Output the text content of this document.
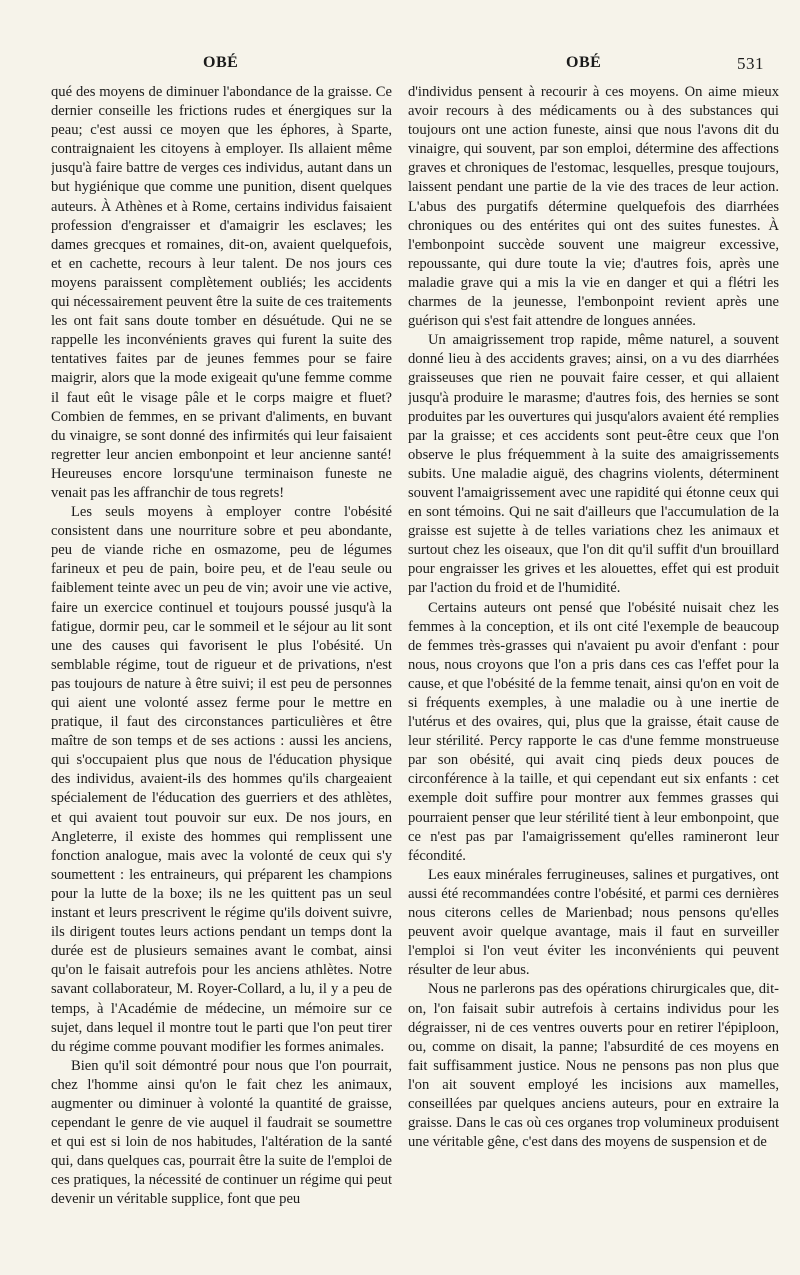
OBÉ	OBÉ	531

qué des moyens de diminuer l'abondance de la graisse. Ce dernier conseille les frictions rudes et énergiques sur la peau; c'est aussi ce moyen que les éphores, à Sparte, contraignaient les citoyens à employer. Ils allaient même jusqu'à faire battre de verges ces individus, autant dans un but hygiénique que comme une punition, disent quelques auteurs. À Athènes et à Rome, certains individus faisaient profession d'engraisser et d'amaigrir les esclaves; les dames grecques et romaines, dit-on, avaient quelquefois, et en cachette, recours à leur talent. De nos jours ces moyens paraissent complètement oubliés; les accidents qui nécessairement peuvent être la suite de ces traitements les ont fait sans doute tomber en désuétude. Qui ne se rappelle les inconvénients graves qui furent la suite des tentatives faites par de jeunes femmes pour se faire maigrir, alors que la mode exigeait qu'une femme comme il faut eût le visage pâle et le corps maigre et fluet? Combien de femmes, en se privant d'aliments, en buvant du vinaigre, se sont donné des infirmités qui leur faisaient regretter leur ancien embonpoint et leur ancienne santé! Heureuses encore lorsqu'une terminaison funeste ne venait pas les affranchir de tous regrets!

Les seuls moyens à employer contre l'obésité consistent dans une nourriture sobre et peu abondante, peu de viande riche en osmazome, peu de légumes farineux et peu de pain, boire peu, et de l'eau seule ou faiblement teinte avec un peu de vin; avoir une vie active, faire un exercice continuel et toujours poussé jusqu'à la fatigue, dormir peu, car le sommeil et le séjour au lit sont une des causes qui favorisent le plus l'obésité. Un semblable régime, tout de rigueur et de privations, n'est pas toujours de nature à être suivi; il est peu de personnes qui aient une volonté assez ferme pour le mettre en pratique, il faut des circonstances particulières et être maître de son temps et de ses actions : aussi les anciens, qui s'occupaient plus que nous de l'éducation physique des individus, avaient-ils des hommes qu'ils chargeaient spécialement de l'éducation des guerriers et des athlètes, et qui avaient tout pouvoir sur eux. De nos jours, en Angleterre, il existe des hommes qui remplissent une fonction analogue, mais avec la volonté de ceux qui s'y soumettent : les entraineurs, qui préparent les champions pour la lutte de la boxe; ils ne les quittent pas un seul instant et leurs prescrivent le régime qu'ils doivent suivre, ils dirigent toutes leurs actions pendant un temps dont la durée est de plusieurs semaines avant le combat, ainsi qu'on le faisait autrefois pour les anciens athlètes. Notre savant collaborateur, M. Royer-Collard, a lu, il y a peu de temps, à l'Académie de médecine, un mémoire sur ce sujet, dans lequel il montre tout le parti que l'on peut tirer du régime comme pouvant modifier les formes animales.

Bien qu'il soit démontré pour nous que l'on pourrait, chez l'homme ainsi qu'on le fait chez les animaux, augmenter ou diminuer à volonté la quantité de graisse, cependant le genre de vie auquel il faudrait se soumettre et qui est si loin de nos habitudes, l'altération de la santé qui, dans quelques cas, pourrait être la suite de l'emploi de ces pratiques, la nécessité de continuer un régime qui peut devenir un véritable supplice, font que peu

d'individus pensent à recourir à ces moyens. On aime mieux avoir recours à des médicaments ou à des substances qui toujours ont une action funeste, ainsi que nous l'avons dit du vinaigre, qui souvent, par son emploi, détermine des affections graves et chroniques de l'estomac, lesquelles, presque toujours, laissent pendant une partie de la vie des traces de leur action. L'abus des purgatifs détermine quelquefois des diarrhées chroniques ou des entérites qui ont des suites funestes. À l'embonpoint succède souvent une maigreur excessive, repoussante, qui dure toute la vie; d'autres fois, après une maladie grave qui a mis la vie en danger et qui a flétri les charmes de la jeunesse, l'embonpoint revient après une guérison qui s'est fait attendre de longues années.

Un amaigrissement trop rapide, même naturel, a souvent donné lieu à des accidents graves; ainsi, on a vu des diarrhées graisseuses que rien ne pouvait faire cesser, et qui allaient jusqu'à produire le marasme; d'autres fois, des hernies se sont produites par les ouvertures qui jusqu'alors avaient été remplies par la graisse; et ces accidents sont peut-être ceux que l'on observe le plus fréquemment à la suite des amaigrissements subits. Une maladie aiguë, des chagrins violents, déterminent souvent l'amaigrissement avec une rapidité qui étonne ceux qui en sont témoins. Qui ne sait d'ailleurs que l'accumulation de la graisse est sujette à de telles variations chez les animaux et surtout chez les oiseaux, que l'on dit qu'il suffit d'un brouillard pour engraisser les grives et les alouettes, effet qui est produit par l'action du froid et de l'humidité.

Certains auteurs ont pensé que l'obésité nuisait chez les femmes à la conception, et ils ont cité l'exemple de beaucoup de femmes très-grasses qui n'avaient pu avoir d'enfant : pour nous, nous croyons que l'on a pris dans ces cas l'effet pour la cause, et que l'obésité de la femme tenait, ainsi qu'on en voit de si fréquents exemples, à une maladie ou à une inertie de l'utérus et des ovaires, qui, plus que la graisse, était cause de leur stérilité. Percy rapporte le cas d'une femme monstrueuse par son obésité, qui avait cinq pieds deux pouces de circonférence à la taille, et qui cependant eut six enfants : cet exemple doit suffire pour montrer aux femmes grasses qui pourraient penser que leur stérilité tient à leur embonpoint, que ce n'est pas par l'amaigrissement qu'elles ramineront leur fécondité.

Les eaux minérales ferrugineuses, salines et purgatives, ont aussi été recommandées contre l'obésité, et parmi ces dernières nous citerons celles de Marienbad; nous pensons qu'elles peuvent avoir quelque avantage, mais il faut en surveiller l'emploi si l'on veut éviter les inconvénients qui peuvent résulter de leur abus.

Nous ne parlerons pas des opérations chirurgicales que, dit-on, l'on faisait subir autrefois à certains individus pour les dégraisser, ni de ces ventres ouverts pour en retirer l'épiploon, ou, comme on disait, la panne; l'absurdité de ces moyens en fait suffisamment justice. Nous ne pensons pas non plus que l'on ait souvent employé les incisions aux mamelles, conseillées par quelques anciens auteurs, pour en extraire la graisse. Dans le cas où ces organes trop volumineux produisent une véritable gêne, c'est dans des moyens de suspension et de
